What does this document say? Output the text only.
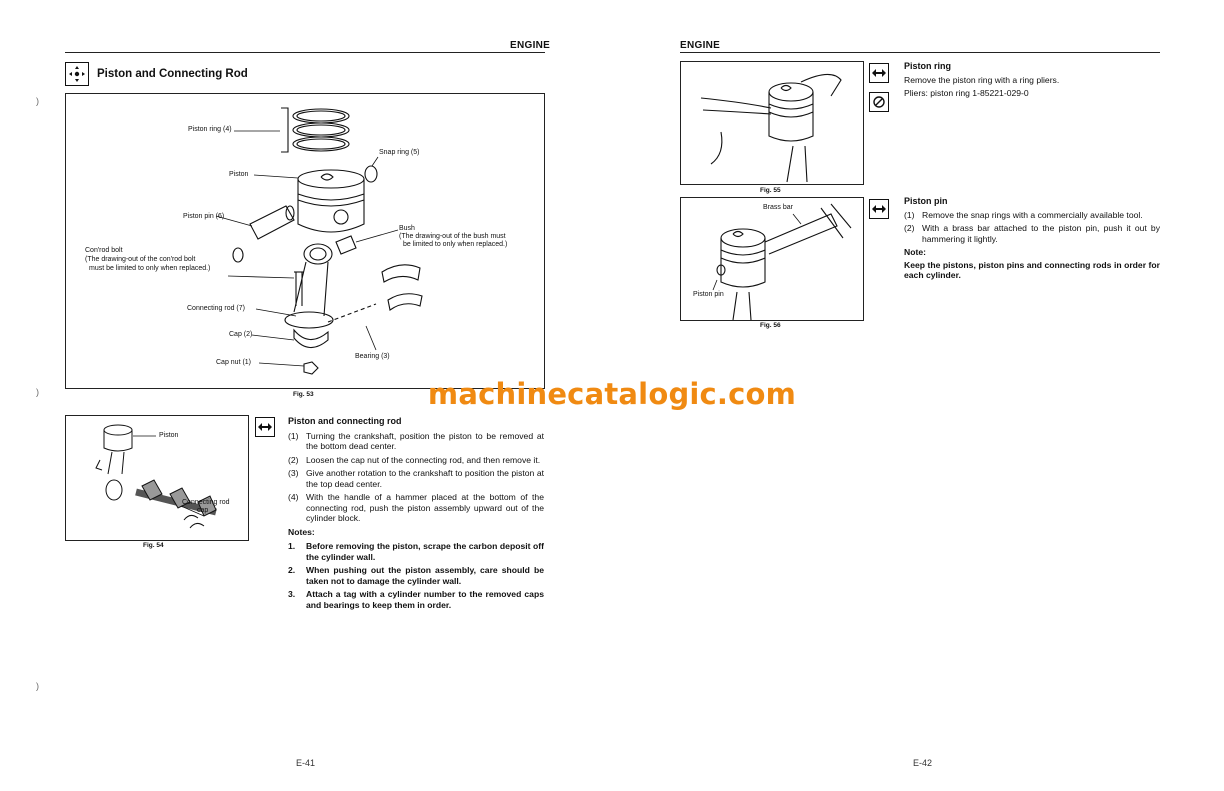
ENGINE
Piston and Connecting Rod
)
)
)
Piston ring (4)
Snap ring (5)
Piston
Piston pin (6)
Bush
(The drawing-out of the bush must
be limited to only when replaced.)
Con'rod bolt
(The drawing-out of the con'rod bolt
must be limited to only when replaced.)
Connecting rod (7)
Cap (2)
Bearing (3)
Cap nut (1)
Fig. 53
Piston
Connecting rod
cap
Fig. 54
Piston and connecting rod
(1) Turning the crankshaft, position the piston to be removed at the bottom dead center.
(2) Loosen the cap nut of the connecting rod, and then remove it.
(3) Give another rotation to the crankshaft to position the piston at the top dead center.
(4) With the handle of a hammer placed at the bottom of the connecting rod, push the piston assembly upward out of the cylinder block.
Notes:
1. Before removing the piston, scrape the carbon deposit off the cylinder wall.
2. When pushing out the piston assembly, care should be taken not to damage the cylinder wall.
3. Attach a tag with a cylinder number to the removed caps and bearings to keep them in order.
E-41
ENGINE
Fig. 55
Piston ring
Remove the piston ring with a ring pliers.
Pliers: piston ring 1-85221-029-0
Brass bar
Piston pin
Fig. 56
Piston pin
(1) Remove the snap rings with a commercially available tool.
(2) With a brass bar attached to the piston pin, push it out by hammering it lightly.
Note:
Keep the pistons, piston pins and connecting rods in order for each cylinder.
E-42
machinecatalogic.com
